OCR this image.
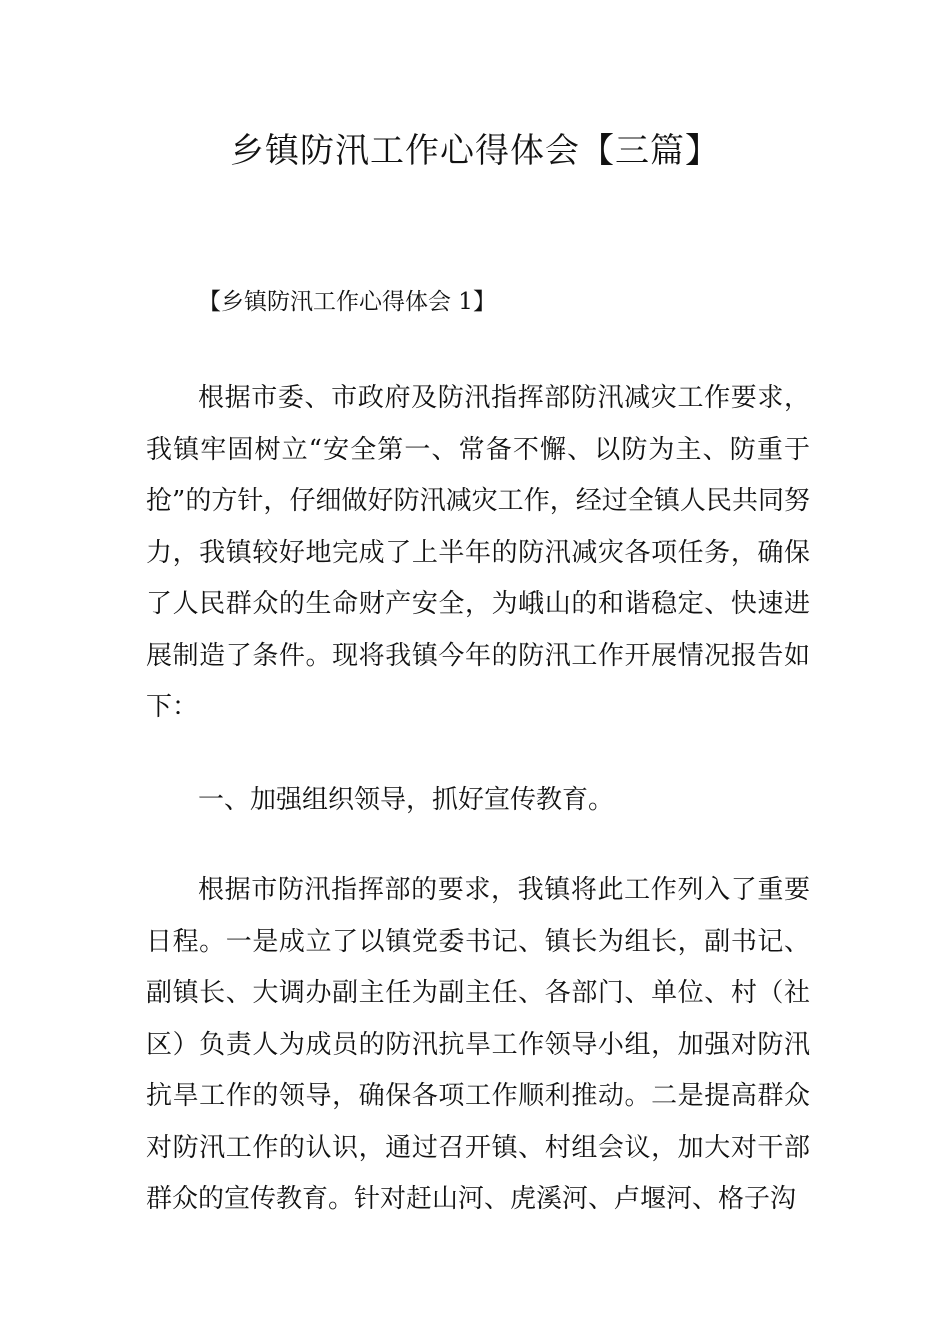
乡镇防汛工作心得体会【三篇】

【乡镇防汛工作心得体会 1】

根据市委、市政府及防汛指挥部防汛减灾工作要求，我镇牢固树立“安全第一、常备不懈、以防为主、防重于抢”的方针，仔细做好防汛减灾工作，经过全镇人民共同努力，我镇较好地完成了上半年的防汛减灾各项任务，确保了人民群众的生命财产安全，为峨山的和谐稳定、快速进展制造了条件。现将我镇今年的防汛工作开展情况报告如下：

一、加强组织领导，抓好宣传教育。

根据市防汛指挥部的要求，我镇将此工作列入了重要日程。一是成立了以镇党委书记、镇长为组长，副书记、副镇长、大调办副主任为副主任、各部门、单位、村（社区）负责人为成员的防汛抗旱工作领导小组，加强对防汛抗旱工作的领导，确保各项工作顺利推动。二是提高群众对防汛工作的认识，通过召开镇、村组会议，加大对干部群众的宣传教育。针对赶山河、虎溪河、卢堰河、格子沟
